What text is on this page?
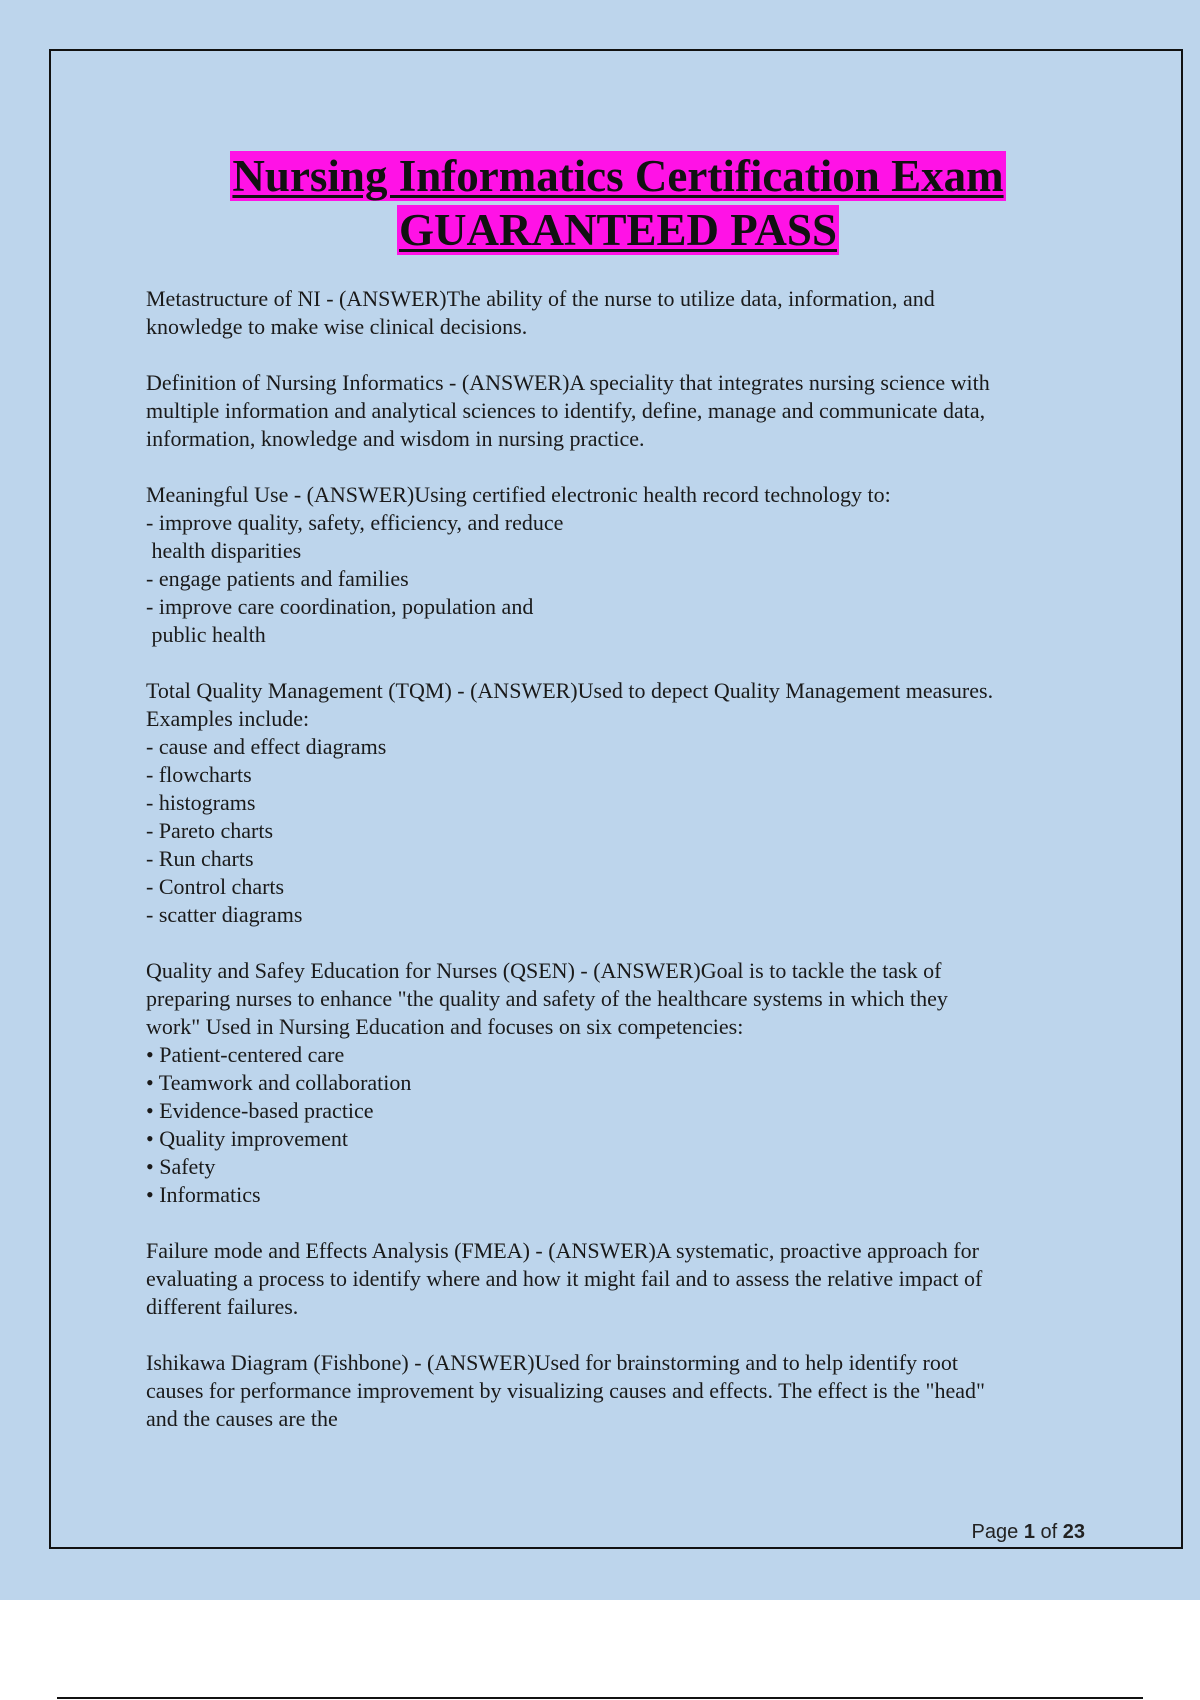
Nursing Informatics Certification Exam
GUARANTEED PASS
Metastructure of NI - (ANSWER)The ability of the nurse to utilize data, information, and
knowledge to make wise clinical decisions.
Definition of Nursing Informatics - (ANSWER)A speciality that integrates nursing science with
multiple information and analytical sciences to identify, define, manage and communicate data,
information, knowledge and wisdom in nursing practice.
Meaningful Use - (ANSWER)Using certified electronic health record technology to:
- improve quality, safety, efficiency, and reduce
health disparities
- engage patients and families
- improve care coordination, population and
public health
Total Quality Management (TQM) - (ANSWER)Used to depect Quality Management measures.
Examples include:
- cause and effect diagrams
- flowcharts
- histograms
- Pareto charts
- Run charts
- Control charts
- scatter diagrams
Quality and Safey Education for Nurses (QSEN) - (ANSWER)Goal is to tackle the task of
preparing nurses to enhance "the quality and safety of the healthcare systems in which they
work" Used in Nursing Education and focuses on six competencies:
• Patient-centered care
• Teamwork and collaboration
• Evidence-based practice
• Quality improvement
• Safety
• Informatics
Failure mode and Effects Analysis (FMEA) - (ANSWER)A systematic, proactive approach for
evaluating a process to identify where and how it might fail and to assess the relative impact of
different failures.
Ishikawa Diagram (Fishbone) - (ANSWER)Used for brainstorming and to help identify root
causes for performance improvement by visualizing causes and effects. The effect is the "head"
and the causes are the
Page 1 of 23
